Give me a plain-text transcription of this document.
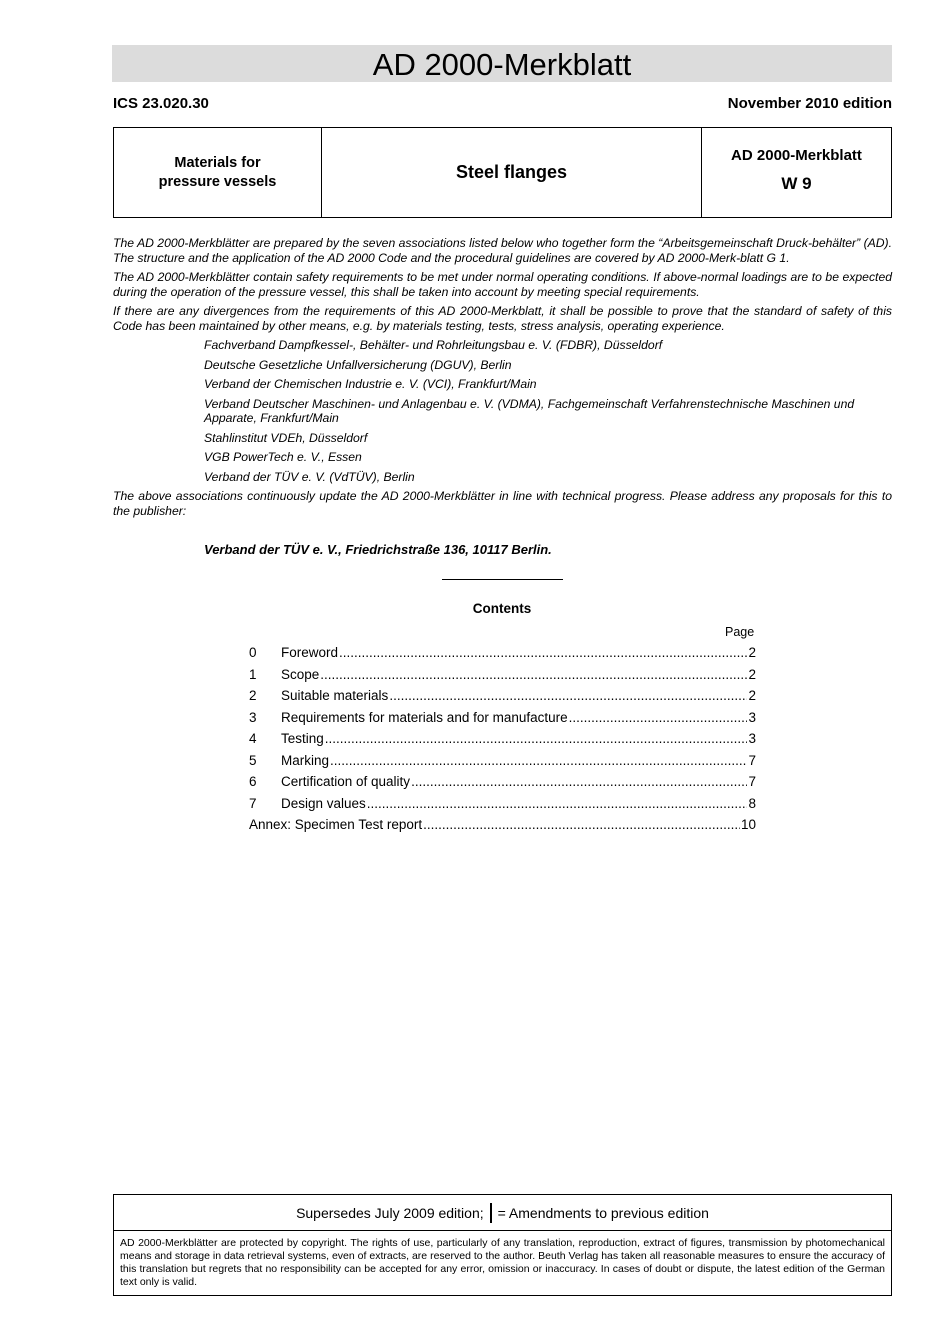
AD 2000-Merkblatt
ICS 23.020.30	November 2010 edition
Materials for
pressure vessels	Steel flanges
AD 2000-Merkblatt
W 9

The AD 2000-Merkblätter are prepared by the seven associations listed below who together form the “Arbeitsgemeinschaft Druck-behälter” (AD). The structure and the application of the AD 2000 Code and the procedural guidelines are covered by AD 2000-Merk-blatt G 1.

The AD 2000-Merkblätter contain safety requirements to be met under normal operating conditions. If above-normal loadings are to be expected during the operation of the pressure vessel, this shall be taken into account by meeting special requirements.

If there are any divergences from the requirements of this AD 2000-Merkblatt, it shall be possible to prove that the standard of safety of this Code has been maintained by other means, e.g. by materials testing, tests, stress analysis, operating experience.

Fachverband Dampfkessel-, Behälter- und Rohrleitungsbau e. V. (FDBR), Düsseldorf
Deutsche Gesetzliche Unfallversicherung (DGUV), Berlin
Verband der Chemischen Industrie e. V. (VCI), Frankfurt/Main
Verband Deutscher Maschinen- und Anlagenbau e. V. (VDMA), Fachgemeinschaft Verfahrenstechnische Maschinen und Apparate, Frankfurt/Main
Stahlinstitut VDEh, Düsseldorf
VGB PowerTech e. V., Essen
Verband der TÜV e. V. (VdTÜV), Berlin

The above associations continuously update the AD 2000-Merkblätter in line with technical progress. Please address any proposals for this to the publisher:

Verband der TÜV e. V., Friedrichstraße 136, 10117 Berlin.
Contents
Page
0	Foreword .....	2
1	Scope .....	2
2	Suitable materials .....	2
3	Requirements for materials and for manufacture .....	3
4	Testing .....	3
5	Marking .....	7
6	Certification of quality .....	7
7	Design values .....	8
Annex: Specimen Test report .....	10
Supersedes July 2009 edition; = Amendments to previous edition
AD 2000-Merkblätter are protected by copyright. The rights of use, particularly of any translation, reproduction, extract of figures, transmission by photomechanical means and storage in data retrieval systems, even of extracts, are reserved to the author. Beuth Verlag has taken all reasonable measures to ensure the accuracy of this translation but regrets that no responsibility can be accepted for any error, omission or inaccuracy. In cases of doubt or dispute, the latest edition of the German text only is valid.
